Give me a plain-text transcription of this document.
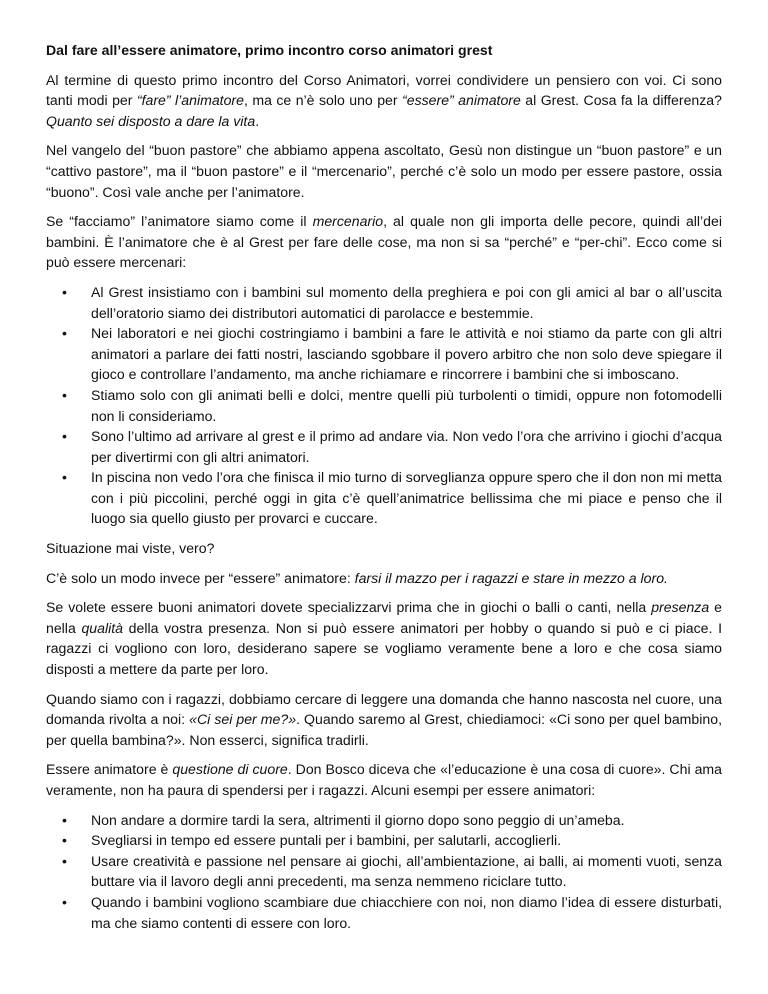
Dal fare all’essere animatore, primo incontro corso animatori grest

Al termine di questo primo incontro del Corso Animatori, vorrei condividere un pensiero con voi. Ci sono tanti modi per “fare” l’animatore, ma ce n’è solo uno per “essere” animatore al Grest. Cosa fa la differenza? Quanto sei disposto a dare la vita.

Nel vangelo del “buon pastore” che abbiamo appena ascoltato, Gesù non distingue un “buon pastore” e un “cattivo pastore”, ma il “buon pastore” e il “mercenario”, perché c’è solo un modo per essere pastore, ossia “buono”. Così vale anche per l’animatore.

Se “facciamo” l’animatore siamo come il mercenario, al quale non gli importa delle pecore, quindi all’dei bambini. È l’animatore che è al Grest per fare delle cose, ma non si sa “perché” e “per-chi”. Ecco come si può essere mercenari:

• Al Grest insistiamo con i bambini sul momento della preghiera e poi con gli amici al bar o all’uscita dell’oratorio siamo dei distributori automatici di parolacce e bestemmie.
• Nei laboratori e nei giochi costringiamo i bambini a fare le attività e noi stiamo da parte con gli altri animatori a parlare dei fatti nostri, lasciando sgobbare il povero arbitro che non solo deve spiegare il gioco e controllare l’andamento, ma anche richiamare e rincorrere i bambini che si imboscano.
• Stiamo solo con gli animati belli e dolci, mentre quelli più turbolenti o timidi, oppure non fotomodelli non li consideriamo.
• Sono l’ultimo ad arrivare al grest e il primo ad andare via. Non vedo l’ora che arrivino i giochi d’acqua per divertirmi con gli altri animatori.
• In piscina non vedo l’ora che finisca il mio turno di sorveglianza oppure spero che il don non mi metta con i più piccolini, perché oggi in gita c’è quell’animatrice bellissima che mi piace e penso che il luogo sia quello giusto per provarci e cuccare.

Situazione mai viste, vero?

C’è solo un modo invece per “essere” animatore: farsi il mazzo per i ragazzi e stare in mezzo a loro.

Se volete essere buoni animatori dovete specializzarvi prima che in giochi o balli o canti, nella presenza e nella qualità della vostra presenza. Non si può essere animatori per hobby o quando si può e ci piace. I ragazzi ci vogliono con loro, desiderano sapere se vogliamo veramente bene a loro e che cosa siamo disposti a mettere da parte per loro.

Quando siamo con i ragazzi, dobbiamo cercare di leggere una domanda che hanno nascosta nel cuore, una domanda rivolta a noi: «Ci sei per me?». Quando saremo al Grest, chiediamoci: «Ci sono per quel bambino, per quella bambina?». Non esserci, significa tradirli.

Essere animatore è questione di cuore. Don Bosco diceva che «l’educazione è una cosa di cuore». Chi ama veramente, non ha paura di spendersi per i ragazzi. Alcuni esempi per essere animatori:

• Non andare a dormire tardi la sera, altrimenti il giorno dopo sono peggio di un’ameba.
• Svegliarsi in tempo ed essere puntali per i bambini, per salutarli, accoglierli.
• Usare creatività e passione nel pensare ai giochi, all’ambientazione, ai balli, ai momenti vuoti, senza buttare via il lavoro degli anni precedenti, ma senza nemmeno riciclare tutto.
• Quando i bambini vogliono scambiare due chiacchiere con noi, non diamo l’idea di essere disturbati, ma che siamo contenti di essere con loro.
